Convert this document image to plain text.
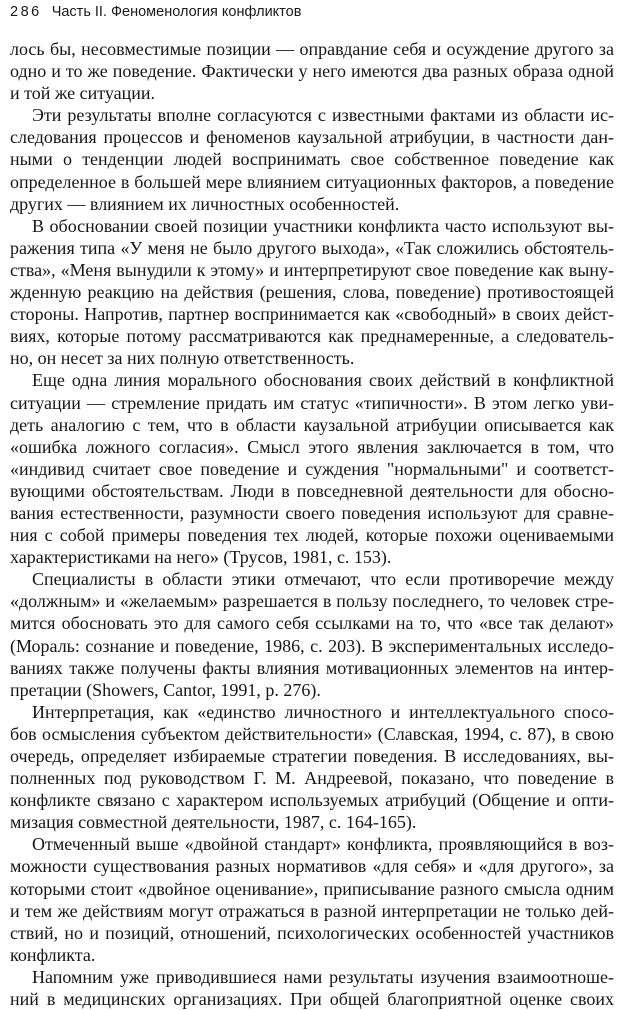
286 Часть II. Феноменология конфликтов
лось бы, несовместимые позиции — оправдание себя и осуждение другого за
одно и то же поведение. Фактически у него имеются два разных образа одной
и той же ситуации.
Эти результаты вполне согласуются с известными фактами из области ис-
следования процессов и феноменов каузальной атрибуции, в частности дан-
ными о тенденции людей воспринимать свое собственное поведение как
определенное в большей мере влиянием ситуационных факторов, а поведение
других — влиянием их личностных особенностей.
В обосновании своей позиции участники конфликта часто используют вы-
ражения типа «У меня не было другого выхода», «Так сложились обстоятель-
ства», «Меня вынудили к этому» и интерпретируют свое поведение как выну-
жденную реакцию на действия (решения, слова, поведение) противостоящей
стороны. Напротив, партнер воспринимается как «свободный» в своих дейст-
виях, которые потому рассматриваются как преднамеренные, а следователь-
но, он несет за них полную ответственность.
Еще одна линия морального обоснования своих действий в конфликтной
ситуации — стремление придать им статус «типичности». В этом легко уви-
деть аналогию с тем, что в области каузальной атрибуции описывается как
«ошибка ложного согласия». Смысл этого явления заключается в том, что
«индивид считает свое поведение и суждения "нормальными" и соответст-
вующими обстоятельствам. Люди в повседневной деятельности для обосно-
вания естественности, разумности своего поведения используют для сравне-
ния с собой примеры поведения тех людей, которые похожи оцениваемыми
характеристиками на него» (Трусов, 1981, с. 153).
Специалисты в области этики отмечают, что если противоречие между
«должным» и «желаемым» разрешается в пользу последнего, то человек стре-
мится обосновать это для самого себя ссылками на то, что «все так делают»
(Мораль: сознание и поведение, 1986, с. 203). В экспериментальных исследо-
ваниях также получены факты влияния мотивационных элементов на интер-
претации (Showers, Cantor, 1991, p. 276).
Интерпретация, как «единство личностного и интеллектуального спосо-
бов осмысления субъектом действительности» (Славская, 1994, с. 87), в свою
очередь, определяет избираемые стратегии поведения. В исследованиях, вы-
полненных под руководством Г. М. Андреевой, показано, что поведение в
конфликте связано с характером используемых атрибуций (Общение и опти-
мизация совместной деятельности, 1987, с. 164-165).
Отмеченный выше «двойной стандарт» конфликта, проявляющийся в воз-
можности существования разных нормативов «для себя» и «для другого», за
которыми стоит «двойное оценивание», приписывание разного смысла одним
и тем же действиям могут отражаться в разной интерпретации не только дей-
ствий, но и позиций, отношений, психологических особенностей участников
конфликта.
Напомним уже приводившиеся нами результаты изучения взаимоотноше-
ний в медицинских организациях. При общей благоприятной оценке своих
